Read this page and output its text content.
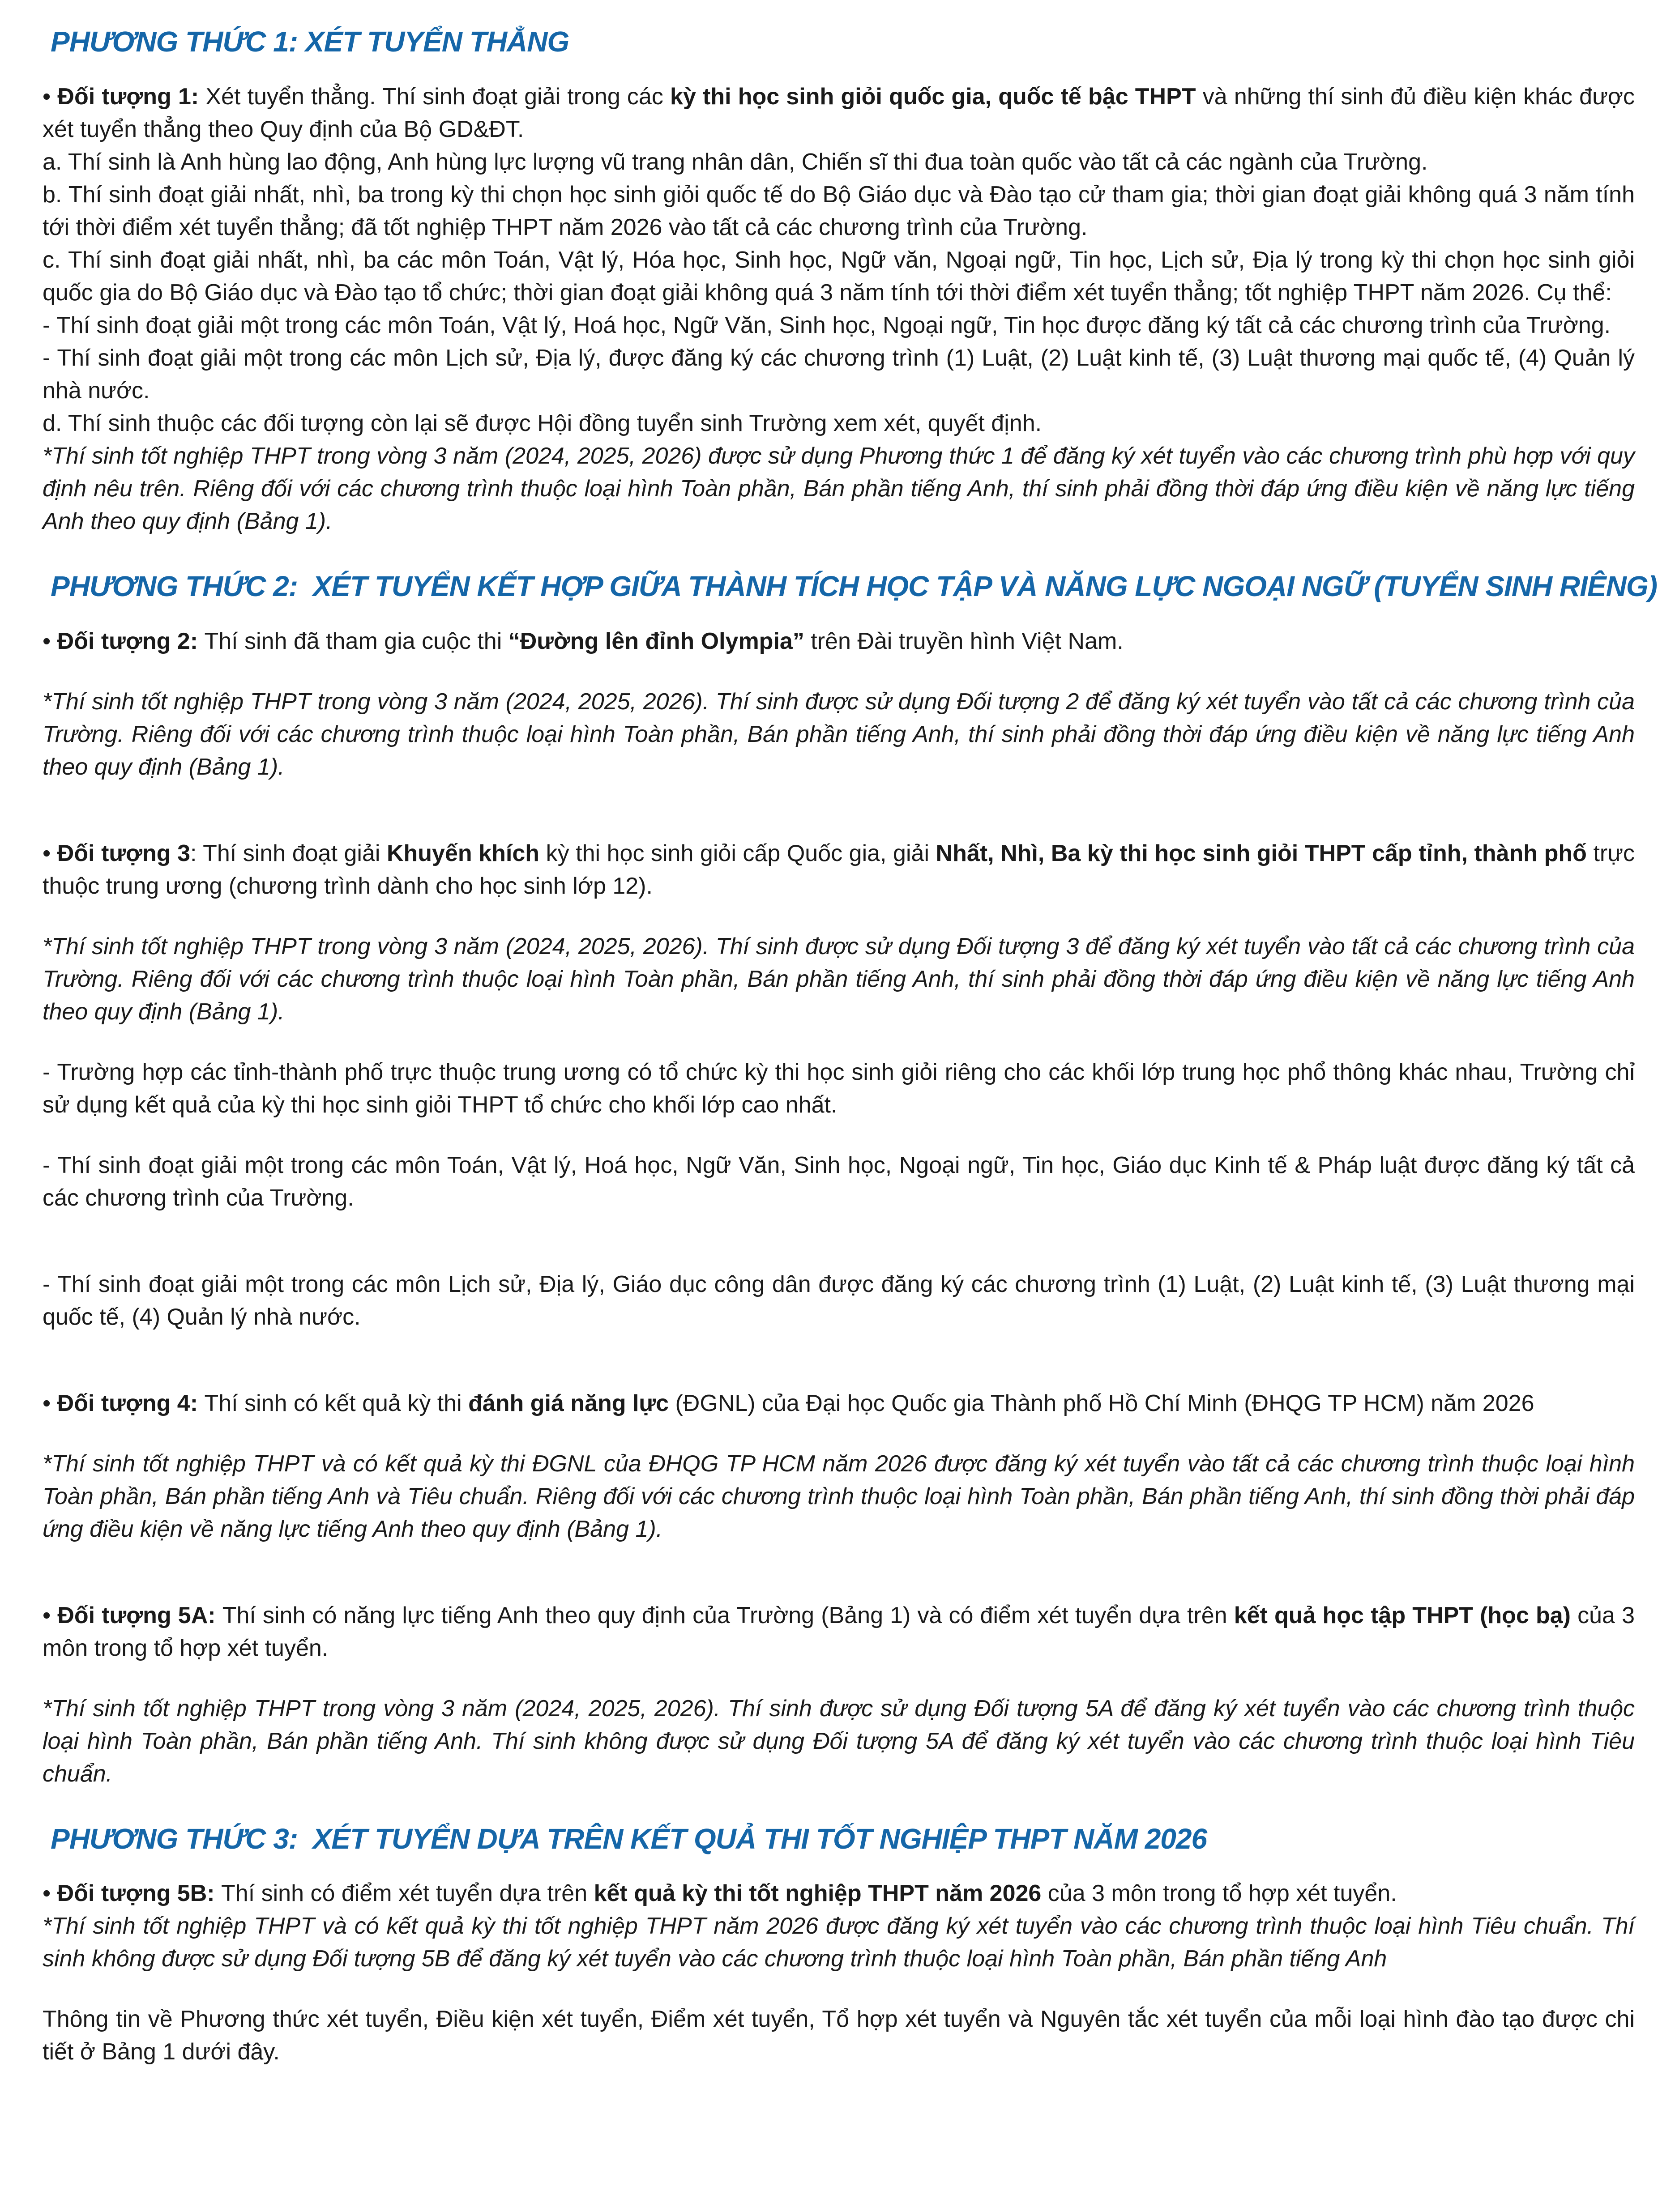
PHƯƠNG THỨC 1: XÉT TUYỂN THẲNG

• Đối tượng 1: Xét tuyển thẳng. Thí sinh đoạt giải trong các kỳ thi học sinh giỏi quốc gia, quốc tế bậc THPT và những thí sinh đủ điều kiện khác được xét tuyển thẳng theo Quy định của Bộ GD&ĐT.

a. Thí sinh là Anh hùng lao động, Anh hùng lực lượng vũ trang nhân dân, Chiến sĩ thi đua toàn quốc vào tất cả các ngành của Trường.

b. Thí sinh đoạt giải nhất, nhì, ba trong kỳ thi chọn học sinh giỏi quốc tế do Bộ Giáo dục và Đào tạo cử tham gia; thời gian đoạt giải không quá 3 năm tính tới thời điểm xét tuyển thẳng; đã tốt nghiệp THPT năm 2026 vào tất cả các chương trình của Trường.

c. Thí sinh đoạt giải nhất, nhì, ba các môn Toán, Vật lý, Hóa học, Sinh học, Ngữ văn, Ngoại ngữ, Tin học, Lịch sử, Địa lý trong kỳ thi chọn học sinh giỏi quốc gia do Bộ Giáo dục và Đào tạo tổ chức; thời gian đoạt giải không quá 3 năm tính tới thời điểm xét tuyển thẳng; tốt nghiệp THPT năm 2026. Cụ thể:

- Thí sinh đoạt giải một trong các môn Toán, Vật lý, Hoá học, Ngữ Văn, Sinh học, Ngoại ngữ, Tin học được đăng ký tất cả các chương trình của Trường.

- Thí sinh đoạt giải một trong các môn Lịch sử, Địa lý, được đăng ký các chương trình (1) Luật, (2) Luật kinh tế, (3) Luật thương mại quốc tế, (4) Quản lý nhà nước.

d. Thí sinh thuộc các đối tượng còn lại sẽ được Hội đồng tuyển sinh Trường xem xét, quyết định.

*Thí sinh tốt nghiệp THPT trong vòng 3 năm (2024, 2025, 2026) được sử dụng Phương thức 1 để đăng ký xét tuyển vào các chương trình phù hợp với quy định nêu trên. Riêng đối với các chương trình thuộc loại hình Toàn phần, Bán phần tiếng Anh, thí sinh phải đồng thời đáp ứng điều kiện về năng lực tiếng Anh theo quy định (Bảng 1).

PHƯƠNG THỨC 2:  XÉT TUYỂN KẾT HỢP GIỮA THÀNH TÍCH HỌC TẬP VÀ NĂNG LỰC NGOẠI NGỮ (TUYỂN SINH RIÊNG)

• Đối tượng 2: Thí sinh đã tham gia cuộc thi “Đường lên đỉnh Olympia” trên Đài truyền hình Việt Nam.

*Thí sinh tốt nghiệp THPT trong vòng 3 năm (2024, 2025, 2026). Thí sinh được sử dụng Đối tượng 2 để đăng ký xét tuyển vào tất cả các chương trình của Trường. Riêng đối với các chương trình thuộc loại hình Toàn phần, Bán phần tiếng Anh, thí sinh phải đồng thời đáp ứng điều kiện về năng lực tiếng Anh theo quy định (Bảng 1).

• Đối tượng 3: Thí sinh đoạt giải Khuyến khích kỳ thi học sinh giỏi cấp Quốc gia, giải Nhất, Nhì, Ba kỳ thi học sinh giỏi THPT cấp tỉnh, thành phố trực thuộc trung ương (chương trình dành cho học sinh lớp 12).

*Thí sinh tốt nghiệp THPT trong vòng 3 năm (2024, 2025, 2026). Thí sinh được sử dụng Đối tượng 3 để đăng ký xét tuyển vào tất cả các chương trình của Trường. Riêng đối với các chương trình thuộc loại hình Toàn phần, Bán phần tiếng Anh, thí sinh phải đồng thời đáp ứng điều kiện về năng lực tiếng Anh theo quy định (Bảng 1).

- Trường hợp các tỉnh-thành phố trực thuộc trung ương có tổ chức kỳ thi học sinh giỏi riêng cho các khối lớp trung học phổ thông khác nhau, Trường chỉ sử dụng kết quả của kỳ thi học sinh giỏi THPT tổ chức cho khối lớp cao nhất.

- Thí sinh đoạt giải một trong các môn Toán, Vật lý, Hoá học, Ngữ Văn, Sinh học, Ngoại ngữ, Tin học, Giáo dục Kinh tế & Pháp luật được đăng ký tất cả các chương trình của Trường.

- Thí sinh đoạt giải một trong các môn Lịch sử, Địa lý, Giáo dục công dân được đăng ký các chương trình (1) Luật, (2) Luật kinh tế, (3) Luật thương mại quốc tế, (4) Quản lý nhà nước.

• Đối tượng 4: Thí sinh có kết quả kỳ thi đánh giá năng lực (ĐGNL) của Đại học Quốc gia Thành phố Hồ Chí Minh (ĐHQG TP HCM) năm 2026

*Thí sinh tốt nghiệp THPT và có kết quả kỳ thi ĐGNL của ĐHQG TP HCM năm 2026 được đăng ký xét tuyển vào tất cả các chương trình thuộc loại hình Toàn phần, Bán phần tiếng Anh và Tiêu chuẩn. Riêng đối với các chương trình thuộc loại hình Toàn phần, Bán phần tiếng Anh, thí sinh đồng thời phải đáp ứng điều kiện về năng lực tiếng Anh theo quy định (Bảng 1).

• Đối tượng 5A: Thí sinh có năng lực tiếng Anh theo quy định của Trường (Bảng 1) và có điểm xét tuyển dựa trên kết quả học tập THPT (học bạ) của 3 môn trong tổ hợp xét tuyển.

*Thí sinh tốt nghiệp THPT trong vòng 3 năm (2024, 2025, 2026). Thí sinh được sử dụng Đối tượng 5A để đăng ký xét tuyển vào các chương trình thuộc loại hình Toàn phần, Bán phần tiếng Anh. Thí sinh không được sử dụng Đối tượng 5A để đăng ký xét tuyển vào các chương trình thuộc loại hình Tiêu chuẩn.

PHƯƠNG THỨC 3:  XÉT TUYỂN DỰA TRÊN KẾT QUẢ THI TỐT NGHIỆP THPT NĂM 2026

• Đối tượng 5B: Thí sinh có điểm xét tuyển dựa trên kết quả kỳ thi tốt nghiệp THPT năm 2026 của 3 môn trong tổ hợp xét tuyển.

*Thí sinh tốt nghiệp THPT và có kết quả kỳ thi tốt nghiệp THPT năm 2026 được đăng ký xét tuyển vào các chương trình thuộc loại hình Tiêu chuẩn. Thí sinh không được sử dụng Đối tượng 5B để đăng ký xét tuyển vào các chương trình thuộc loại hình Toàn phần, Bán phần tiếng Anh

Thông tin về Phương thức xét tuyển, Điều kiện xét tuyển, Điểm xét tuyển, Tổ hợp xét tuyển và Nguyên tắc xét tuyển của mỗi loại hình đào tạo được chi tiết ở Bảng 1 dưới đây.
